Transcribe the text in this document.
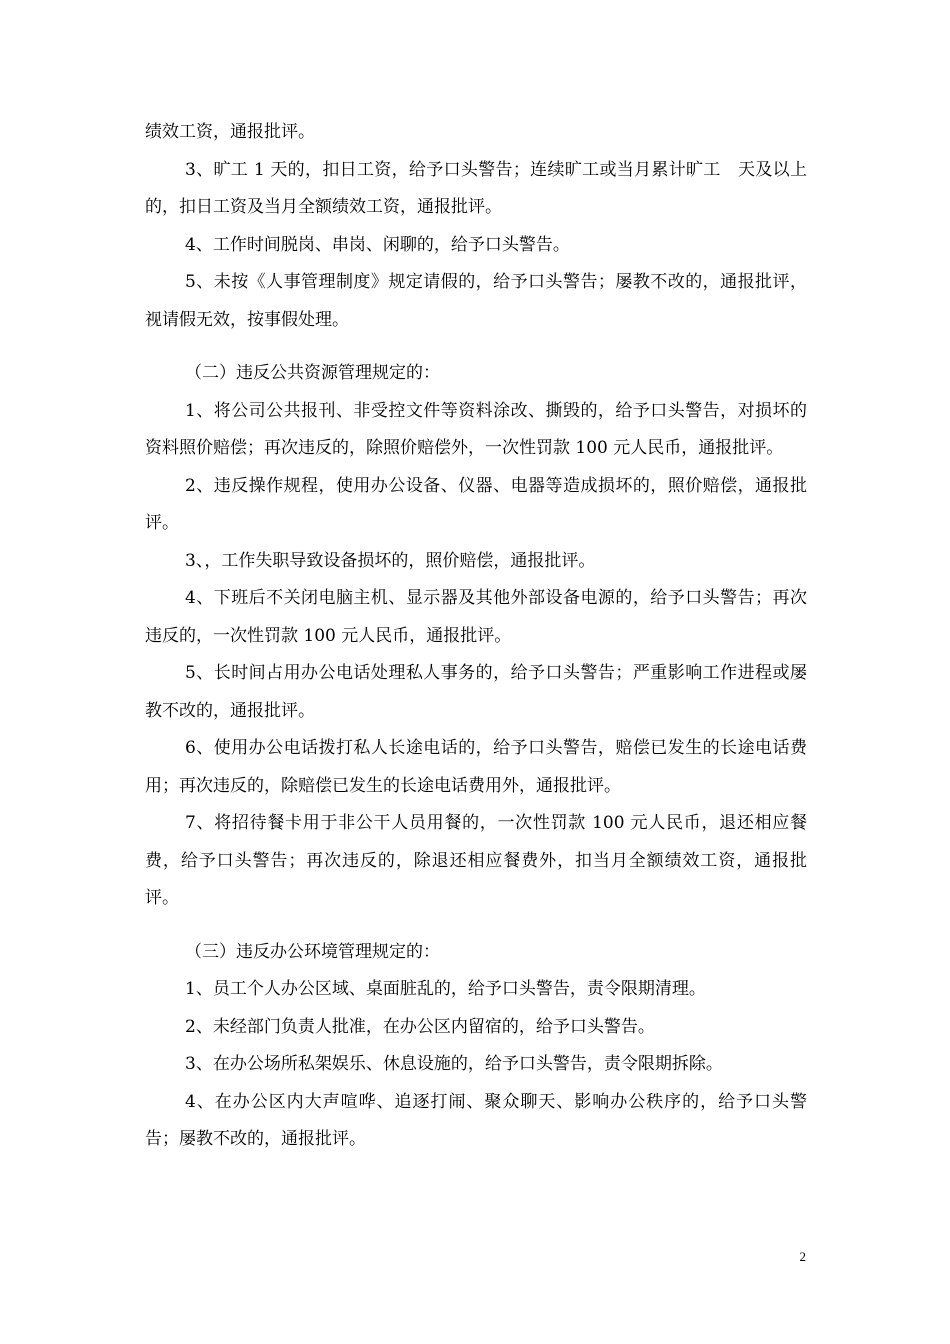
绩效工资，通报批评。

3、旷工 1 天的，扣日工资，给予口头警告；连续旷工或当月累计旷工　天及以上的，扣日工资及当月全额绩效工资，通报批评。

4、工作时间脱岗、串岗、闲聊的，给予口头警告。

5、未按《人事管理制度》规定请假的，给予口头警告；屡教不改的，通报批评，视请假无效，按事假处理。

（二）违反公共资源管理规定的：

1、将公司公共报刊、非受控文件等资料涂改、撕毁的，给予口头警告，对损坏的资料照价赔偿；再次违反的，除照价赔偿外，一次性罚款 100 元人民币，通报批评。

2、违反操作规程，使用办公设备、仪器、电器等造成损坏的，照价赔偿，通报批评。

3、，工作失职导致设备损坏的，照价赔偿，通报批评。

4、下班后不关闭电脑主机、显示器及其他外部设备电源的，给予口头警告；再次违反的，一次性罚款 100 元人民币，通报批评。

5、长时间占用办公电话处理私人事务的，给予口头警告；严重影响工作进程或屡教不改的，通报批评。

6、使用办公电话拨打私人长途电话的，给予口头警告，赔偿已发生的长途电话费用；再次违反的，除赔偿已发生的长途电话费用外，通报批评。

7、将招待餐卡用于非公干人员用餐的，一次性罚款 100 元人民币，退还相应餐费，给予口头警告；再次违反的，除退还相应餐费外，扣当月全额绩效工资，通报批评。

（三）违反办公环境管理规定的：

1、员工个人办公区域、桌面脏乱的，给予口头警告，责令限期清理。

2、未经部门负责人批准，在办公区内留宿的，给予口头警告。

3、在办公场所私架娱乐、休息设施的，给予口头警告，责令限期拆除。

4、在办公区内大声喧哗、追逐打闹、聚众聊天、影响办公秩序的，给予口头警告；屡教不改的，通报批评。

2
